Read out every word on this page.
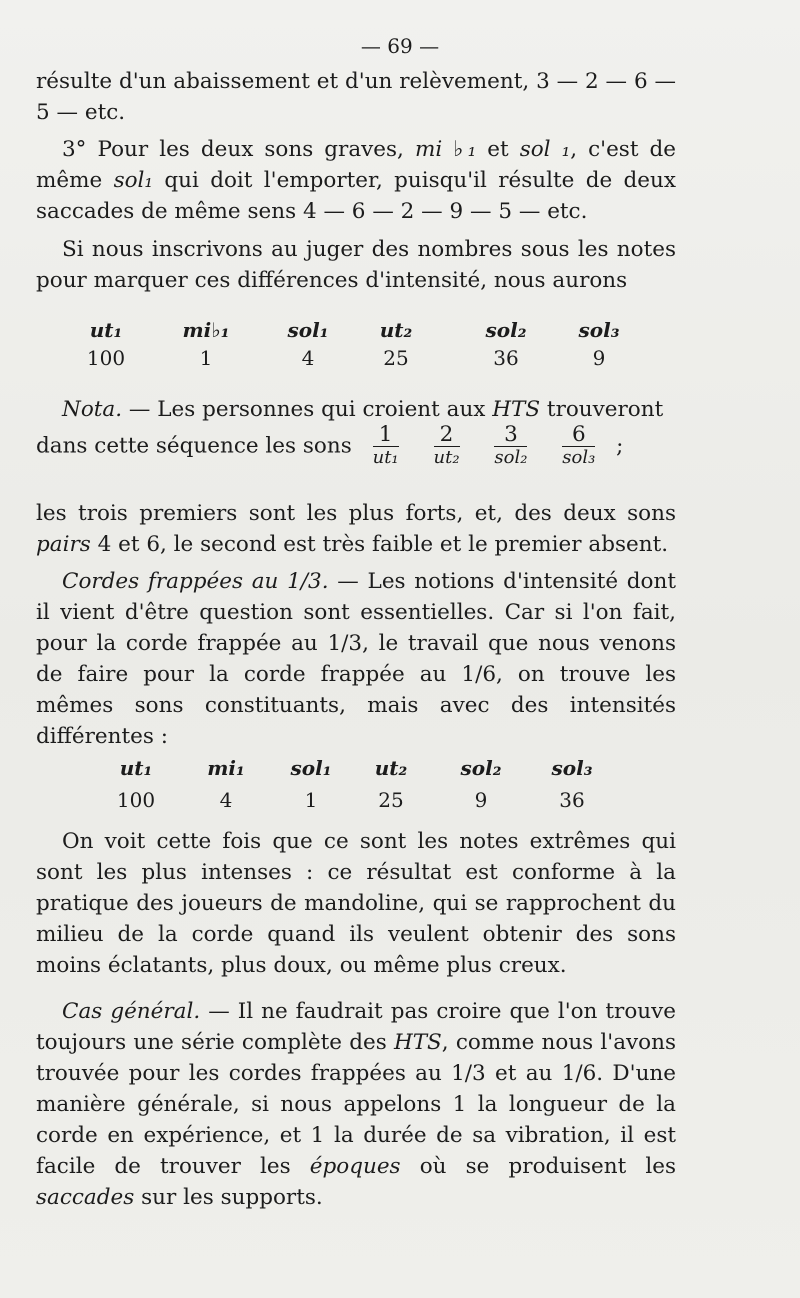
— 69 —
résulte d'un abaissement et d'un relèvement, 3 — 2 — 6 — 5 — etc.
3° Pour les deux sons graves, mi ♭₁ et sol ₁, c'est de même sol₁ qui doit l'emporter, puisqu'il résulte de deux saccades de même sens 4 — 6 — 2 — 9 — 5 — etc.
Si nous inscrivons au juger des nombres sous les notes pour marquer ces différences d'intensité, nous aurons
ut₁	mi♭₁	sol₁	ut₂	sol₂	sol₃
100	1	4	25	36	9
Nota. — Les personnes qui croient aux HTS trouveront
dans cette séquence les sons $\frac{1}{\text{ut₁}}$
$\frac{2}{\text{ut₂}}$
$\frac{3}{\text{sol₂}}$
$\frac{6}{\text{sol₃}}$ ;
les trois premiers sont les plus forts, et, des deux sons pairs 4 et 6, le second est très faible et le premier absent.
Cordes frappées au 1/3. — Les notions d'intensité dont il vient d'être question sont essentielles. Car si l'on fait, pour la corde frappée au 1/3, le travail que nous venons de faire pour la corde frappée au 1/6, on trouve les mêmes sons constituants, mais avec des intensités différentes :
ut₁	mi₁	sol₁	ut₂	sol₂	sol₃
100	4	1	25	9	36
On voit cette fois que ce sont les notes extrêmes qui sont les plus intenses : ce résultat est conforme à la pratique des joueurs de mandoline, qui se rapprochent du milieu de la corde quand ils veulent obtenir des sons moins éclatants, plus doux, ou même plus creux.
Cas général. — Il ne faudrait pas croire que l'on trouve toujours une série complète des HTS, comme nous l'avons trouvée pour les cordes frappées au 1/3 et au 1/6. D'une manière générale, si nous appelons 1 la longueur de la corde en expérience, et 1 la durée de sa vibration, il est facile de trouver les époques où se produisent les saccades sur les supports.
